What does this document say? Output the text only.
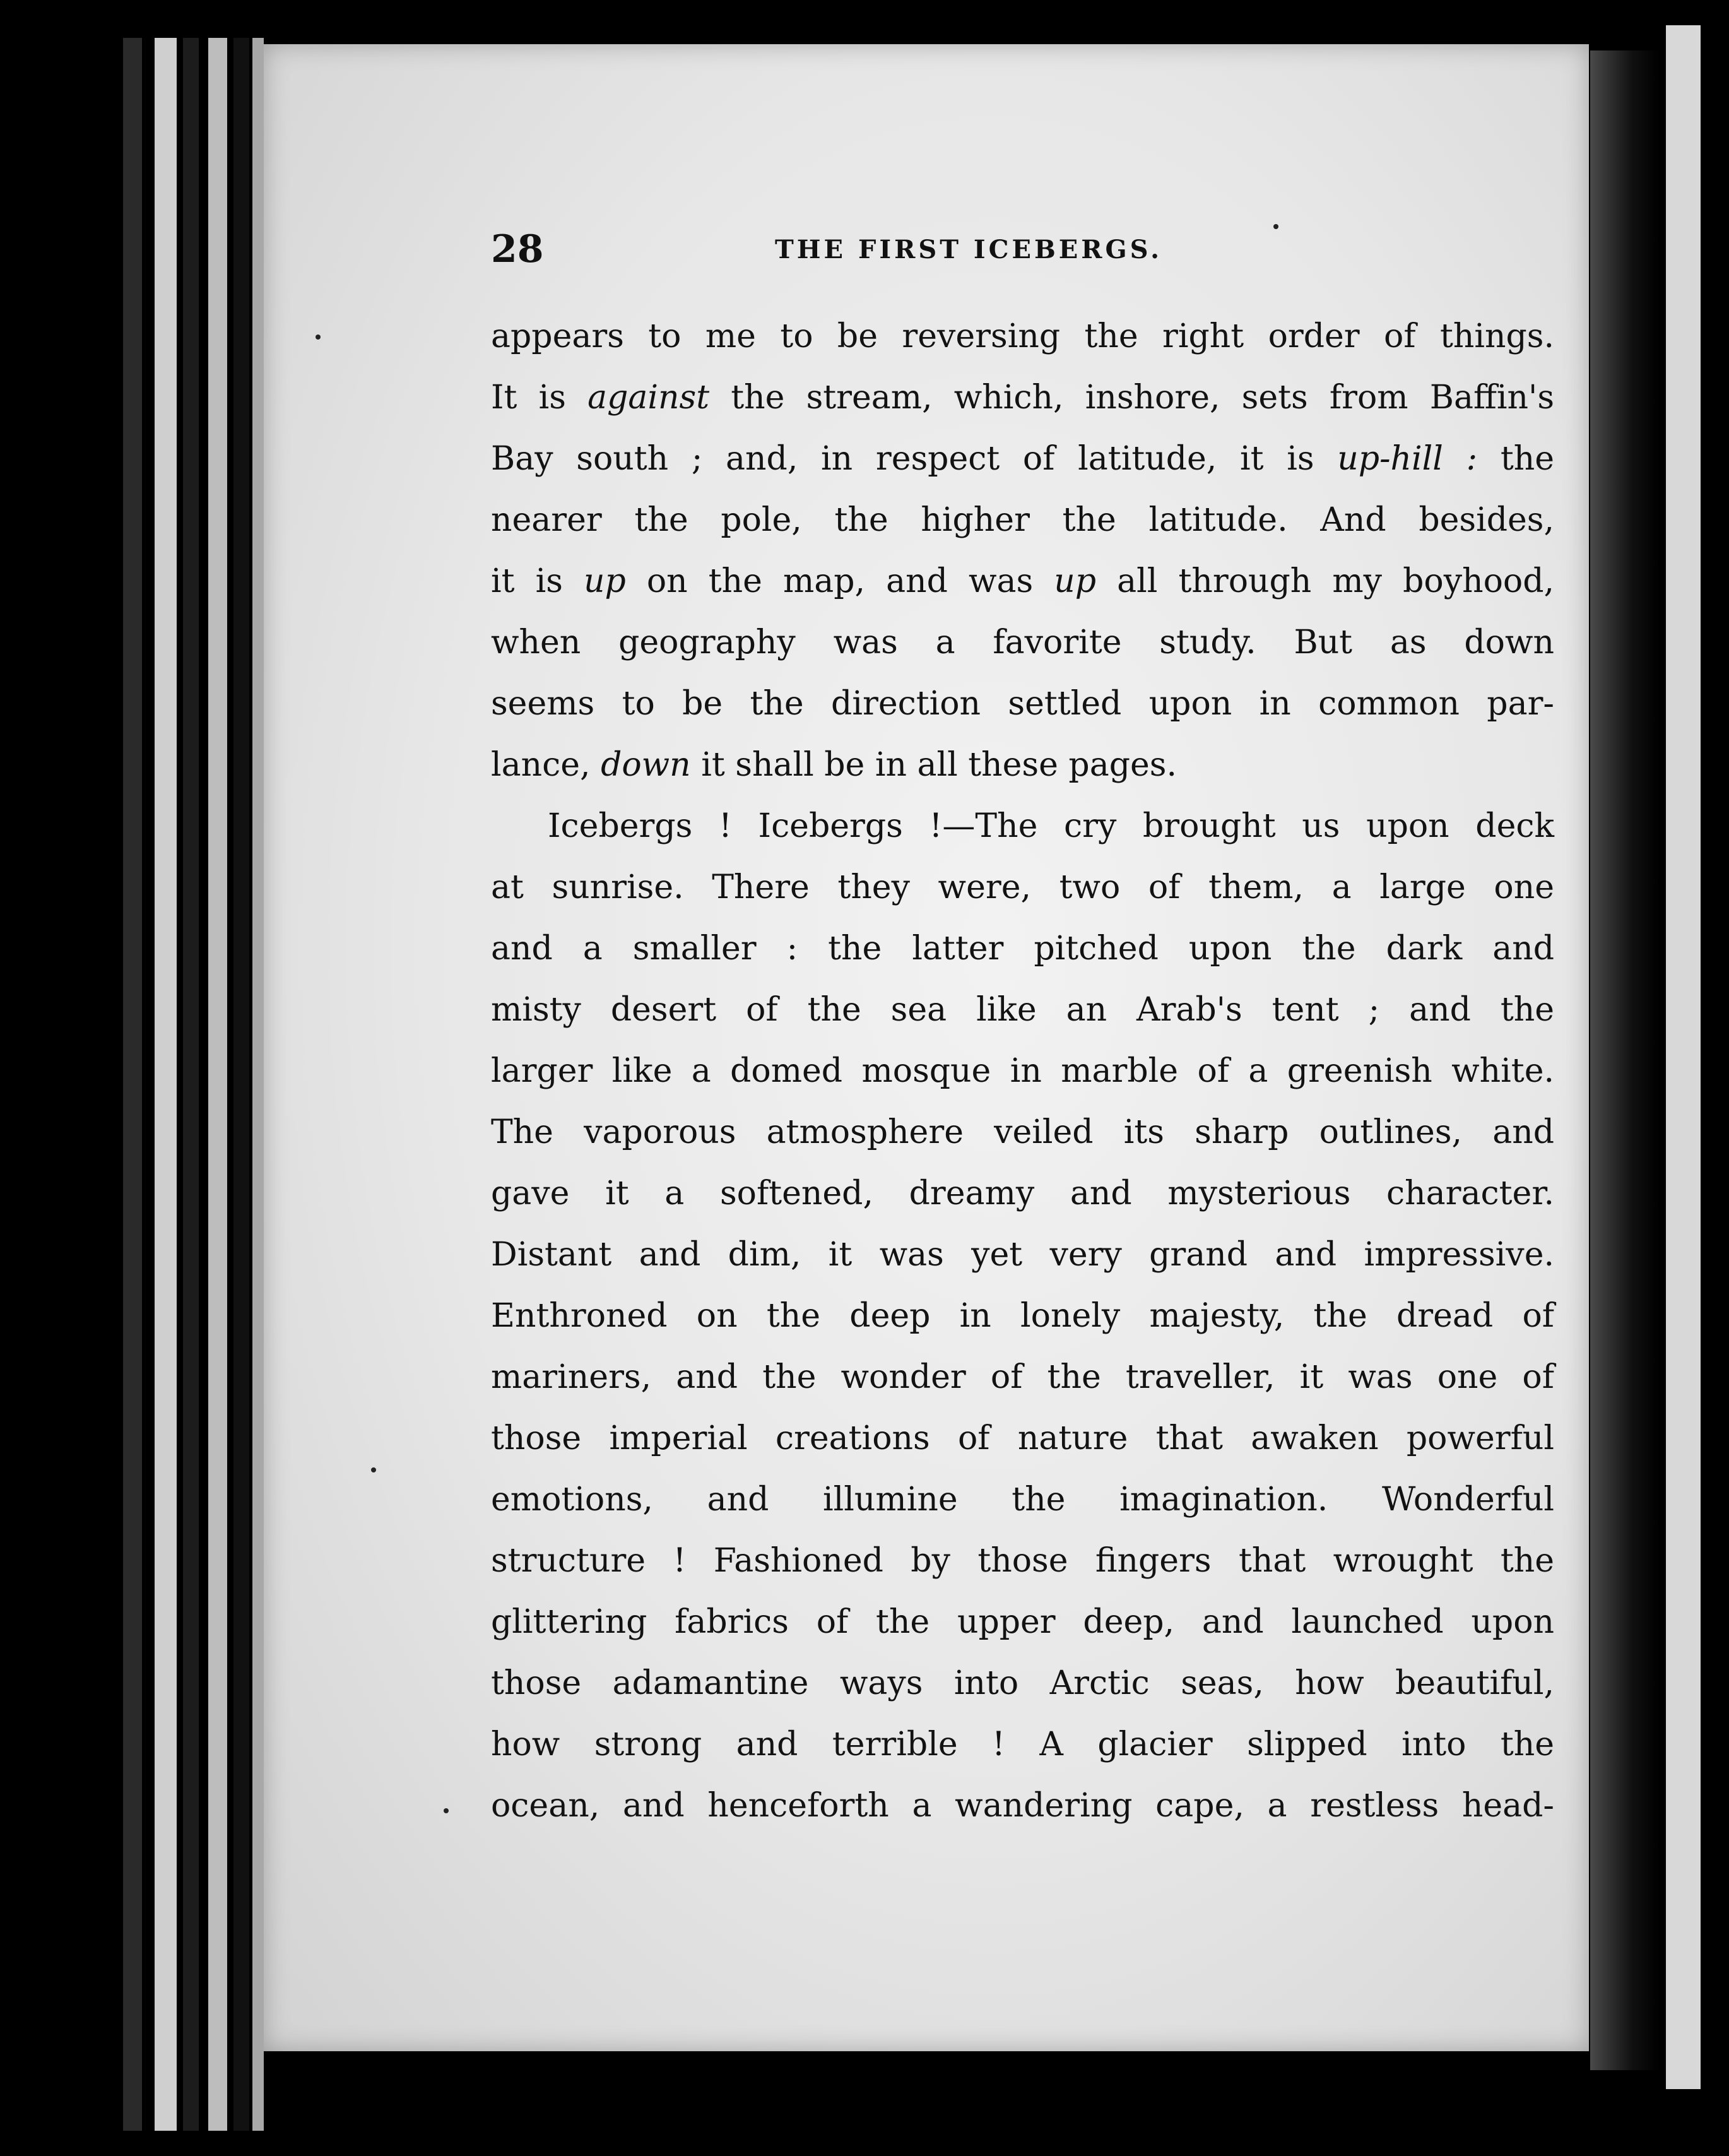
28	THE FIRST ICEBERGS.
appears to me to be reversing the right order of things.
It is against the stream, which, inshore, sets from Baffin's
Bay south ; and, in respect of latitude, it is up-hill : the
nearer the pole, the higher the latitude. And besides,
it is up on the map, and was up all through my boyhood,
when geography was a favorite study. But as down
seems to be the direction settled upon in common par-
lance, down it shall be in all these pages.
Icebergs ! Icebergs !—The cry brought us upon deck
at sunrise. There they were, two of them, a large one
and a smaller : the latter pitched upon the dark and
misty desert of the sea like an Arab's tent ; and the
larger like a domed mosque in marble of a greenish white.
The vaporous atmosphere veiled its sharp outlines, and
gave it a softened, dreamy and mysterious character.
Distant and dim, it was yet very grand and impressive.
Enthroned on the deep in lonely majesty, the dread of
mariners, and the wonder of the traveller, it was one of
those imperial creations of nature that awaken powerful
emotions, and illumine the imagination. Wonderful
structure ! Fashioned by those fingers that wrought the
glittering fabrics of the upper deep, and launched upon
those adamantine ways into Arctic seas, how beautiful,
how strong and terrible ! A glacier slipped into the
ocean, and henceforth a wandering cape, a restless head-
